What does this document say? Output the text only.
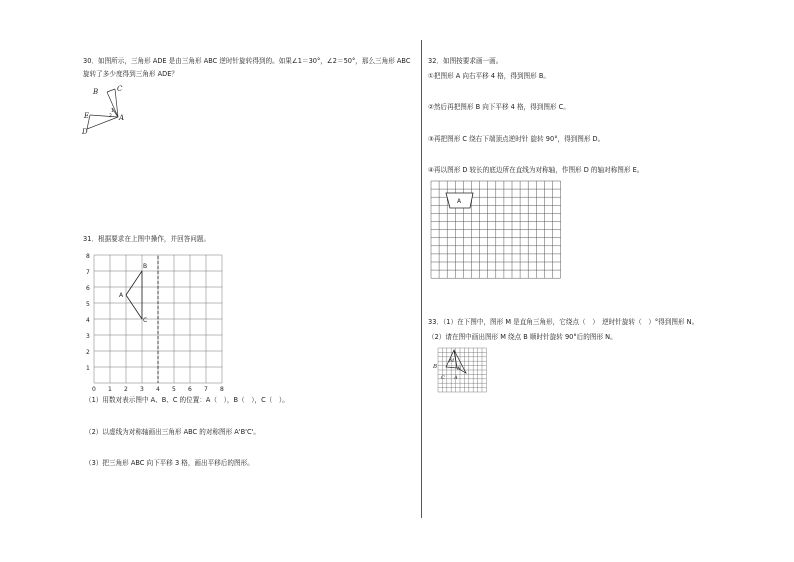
30．如图所示，三角形 ADE 是由三角形 ABC 逆时针旋转得到的。如果∠1＝30°，∠2＝50°，那么三角形 ABC
旋转了多少度得到三角形 ADE？
B	C
E
D
A
1
2
31．根据要求在上图中操作，并回答问题。
A
B
C
8
7
6
5
4
3
2
1
0 1 2 3 4 5 6 7 8
（1）用数对表示图中 A、B、C 的位置：A（　），B（　），C（　）。
（2）以虚线为对称轴画出三角形 ABC 的对称图形 A'B'C'。
（3）把三角形 ABC 向下平移 3 格，画出平移后的图形。
32．如图按要求画一画。
①把图形 A 向右平移 4 格，得到图形 B。
②然后再把图形 B 向下平移 4 格，得到图形 C。
③再把图形 C 绕右下端顶点逆时针 旋转 90°，得到图形 D。
④再以图形 D 较长的底边所在直线为对称轴，作图形 D 的轴对称图形 E。
A
33．（1）在下图中，图形 M 是直角三角形，它绕点（　）　逆时针旋转（　）°得到图形 N。
（2）请在图中画出图形 M 绕点 B 顺时针旋转 90°后的图形 N。
B
M
N
C A
